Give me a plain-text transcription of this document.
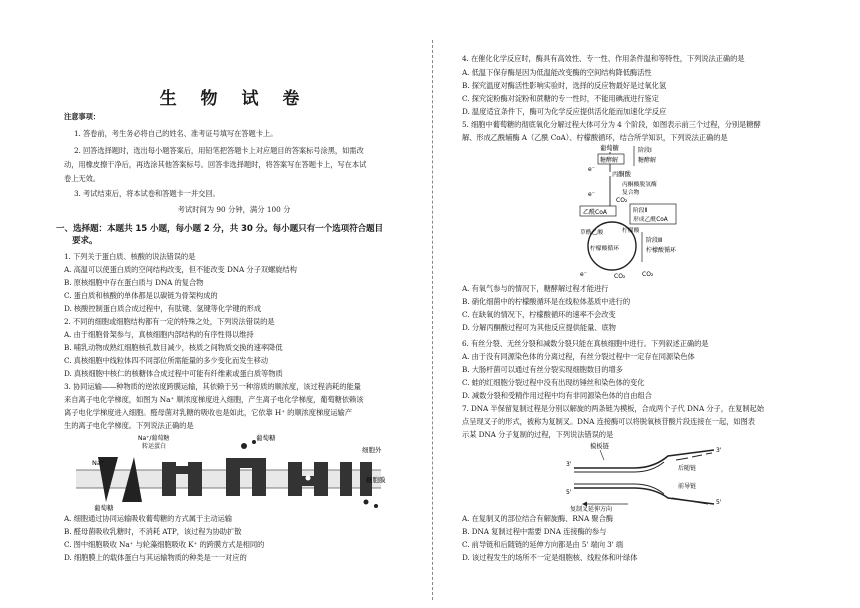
生 物 试 卷
注意事项：
1. 答卷前，考生务必将自己的姓名、准考证号填写在答题卡上。
2. 回答选择题时，选出每小题答案后，用铅笔把答题卡上对应题目的答案标号涂黑，如需改
动，用橡皮擦干净后，再选涂其他答案标号。回答非选择题时，将答案写在答题卡上，写在本试
卷上无效。
3. 考试结束后，将本试卷和答题卡一并交回。
考试时间为 90 分钟，满分 100 分
一、选择题：本题共 15 小题，每小题 2 分，共 30 分。每小题只有一个选项符合题目
要求。
1. 下列关于蛋白质、核酸的说法错误的是
A. 高温可以使蛋白质的空间结构改变，但不能改变 DNA 分子双螺旋结构
B. 原核细胞中存在蛋白质与 DNA 的复合物
C. 蛋白质和核酸的单体都是以碳链为骨架构成的
D. 核酸控制蛋白质合成过程中，有肽键、氢键等化学键的形成
2. 不同的细胞或细胞结构都有一定的特殊之处，下列说法错误的是
A. 由于细胞骨架参与，真核细胞内部结构的有序性得以维持
B. 哺乳动物成熟红细胞核孔数目减少，核质之间物质交换的速率降低
C. 真核细胞中线粒体四不同部位所需能量的多少变化而发生移动
D. 真核细胞中核仁的核糖体合成过程中可能有纤维素或蛋白质等物质
3. 协同运输——种物质的逆浓度跨膜运输，其依赖于另一种溶质的顺浓度，该过程消耗的能量
来自离子电化学梯度，如图为 Na⁺ 顺浓度梯度进入细胞，产生离子电化学梯度，葡萄糖依赖该
离子电化学梯度进入细胞。醛母菌对乳糖的吸收也是如此，它依靠 H⁺ 的顺浓度梯度运输产
生的离子电化学梯度。下列说法正确的是
Na⁺
Na⁺/葡萄糖 转运蛋白
葡萄糖
葡萄糖
细胞外
细胞膜
A. 细胞通过协同运输吸收葡萄糖的方式属于主动运输
B. 醛母菌吸收乳糖时，不消耗 ATP，该过程为协助扩散
C. 图中细胞吸收 Na⁺ 与轮藻细胞吸收 K⁺ 的跨膜方式是相同的
D. 细胞膜上的载体蛋白与其运输物质的种类是一一对应的
4. 在催化化学反应时，酶具有高效性、专一性、作用条件温和等特性，下列说法正确的是
A. 低温下保存酶是因为低温能改变酶的空间结构降低酶活性
B. 探究温度对酶活性影响实验时，选择的反应物最好是过氧化氢
C. 探究淀粉酶对淀粉和蔗糖的专一性时，不能用碘液进行鉴定
D. 温度适宜条件下，酶可为化学反应提供活化能而加速化学反应
5. 细胞中葡萄糖的彻底氧化分解过程大体可分为 4 个阶段，如图表示前三个过程，分别是糖酵
解、形成乙酰辅酶 A（乙酰 CoA）、柠檬酸循环，结合所学知识，下列说法正确的是
葡萄糖
糖酵解
阶段Ⅰ
糖酵解
e⁻
丙酮酸
丙酮酸脱氢酶
复合物
e⁻
CO₂
乙酰CoA	阶段Ⅱ
形成乙酰CoA
草酰乙酸	柠檬酸
柠檬酸循环
阶段Ⅲ
柠檬酸循环
e⁻	CO₂	CO₂
A. 有氧气参与的情况下，糖酵解过程才能进行
B. 硝化细菌中的柠檬酸循环是在线粒体基质中进行的
C. 在缺氧的情况下，柠檬酸循环的速率不会改变
D. 分解丙酮酸过程可为其他反应提供能量、底物
6. 有丝分裂、无丝分裂和减数分裂只能在真核细胞中进行。下列叙述正确的是
A. 由于没有同源染色体的分离过程，有丝分裂过程中一定存在同源染色体
B. 大肠杆菌可以通过有丝分裂实现细胞数目的增多
C. 蛙的红细胞分裂过程中没有出现纺锤丝和染色体的变化
D. 减数分裂和受精作用过程中均有非同源染色体的自由组合
7. DNA 半保留复制过程是分别以解旋的两条链为模板，合成两个子代 DNA 分子，在复制起始
点呈现叉子的形式，被称为复制叉。DNA 连接酶可以将脱氧核苷酸片段连接在一起，如图表
示某 DNA 分子复制的过程，下列说法错误的是
模板链
3'
5'
3'
5'
后随链
前导链
复制叉延伸方向
A. 在复制叉的部位结合有解旋酶、RNA 聚合酶
B. DNA 复制过程中需要 DNA 连接酶的参与
C. 前导链和后随链的延伸方向都是由 5' 端向 3' 端
D. 该过程发生的场所不一定是细胞核、线粒体和叶绿体
